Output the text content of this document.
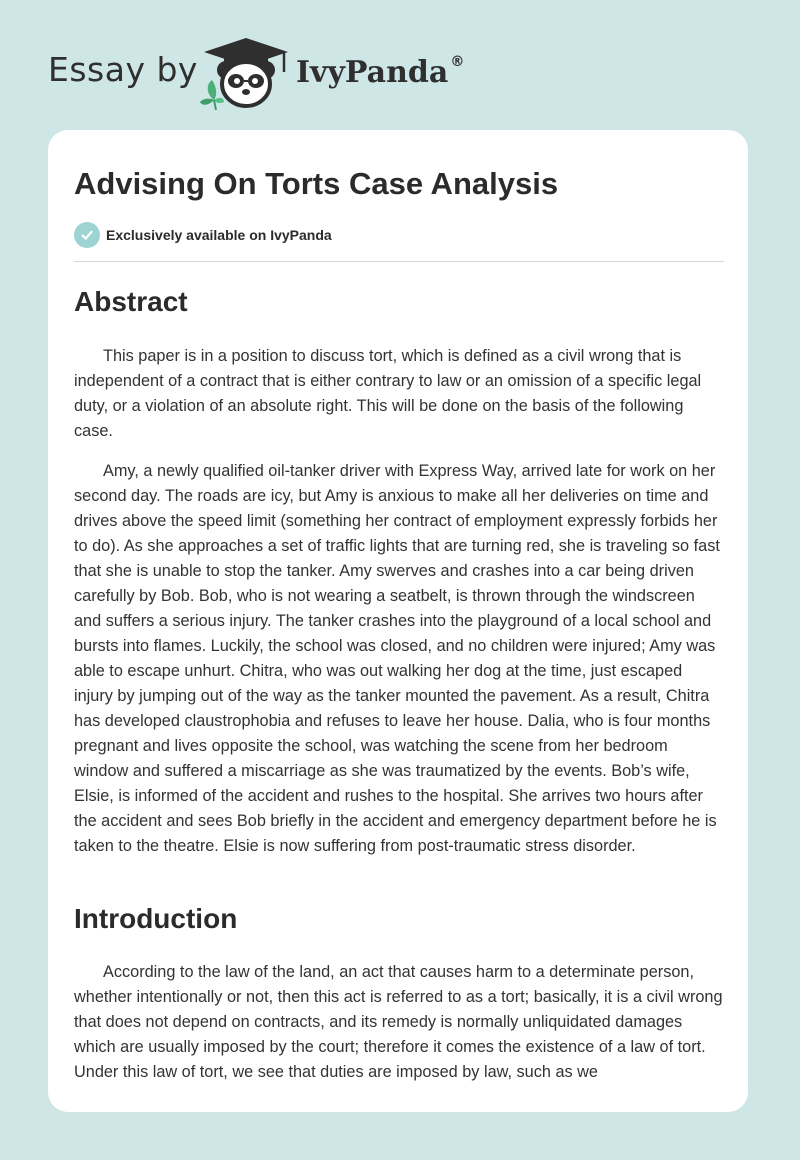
Essay by	IvyPanda ®
Advising On Torts Case Analysis
Exclusively available on IvyPanda
Abstract

This paper is in a position to discuss tort, which is defined as a civil wrong that is independent of a contract that is either contrary to law or an omission of a specific legal duty, or a violation of an absolute right. This will be done on the basis of the following case.

Amy, a newly qualified oil-tanker driver with Express Way, arrived late for work on her second day. The roads are icy, but Amy is anxious to make all her deliveries on time and drives above the speed limit (something her contract of employment expressly forbids her to do). As she approaches a set of traffic lights that are turning red, she is traveling so fast that she is unable to stop the tanker. Amy swerves and crashes into a car being driven carefully by Bob. Bob, who is not wearing a seatbelt, is thrown through the windscreen and suffers a serious injury. The tanker crashes into the playground of a local school and bursts into flames. Luckily, the school was closed, and no children were injured; Amy was able to escape unhurt. Chitra, who was out walking her dog at the time, just escaped injury by jumping out of the way as the tanker mounted the pavement. As a result, Chitra has developed claustrophobia and refuses to leave her house. Dalia, who is four months pregnant and lives opposite the school, was watching the scene from her bedroom window and suffered a miscarriage as she was traumatized by the events. Bob’s wife, Elsie, is informed of the accident and rushes to the hospital. She arrives two hours after the accident and sees Bob briefly in the accident and emergency department before he is taken to the theatre. Elsie is now suffering from post-traumatic stress disorder.

Introduction

According to the law of the land, an act that causes harm to a determinate person, whether intentionally or not, then this act is referred to as a tort; basically, it is a civil wrong that does not depend on contracts, and its remedy is normally unliquidated damages which are usually imposed by the court; therefore it comes the existence of a law of tort. Under this law of tort, we see that duties are imposed by law, such as we
